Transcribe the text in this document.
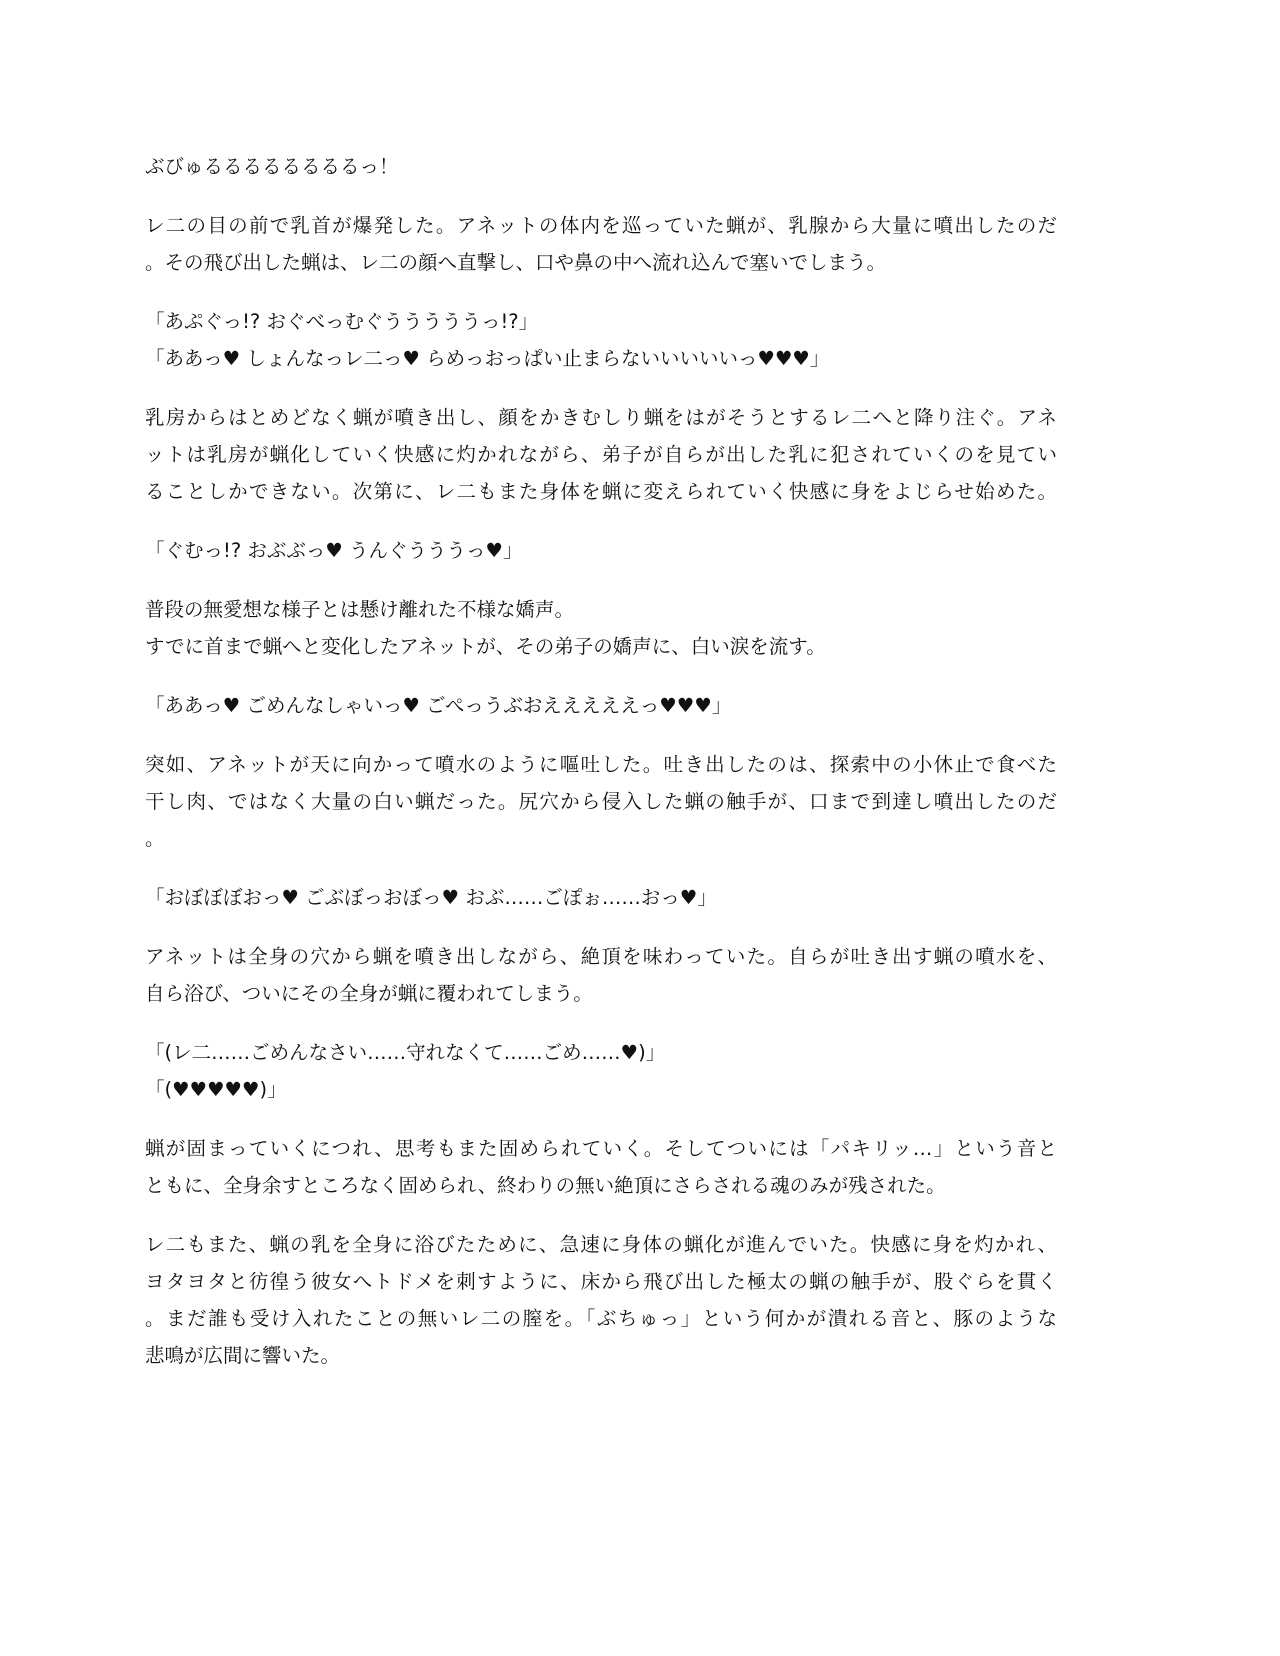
ぶびゅるるるるるるるるっ！
レ二の目の前で乳首が爆発した。アネットの体内を巡っていた蝋が、乳腺から大量に噴出したのだ
。その飛び出した蝋は、レ二の顔へ直撃し、口や鼻の中へ流れ込んで塞いでしまう。
「あぷぐっ!? おぐべっむぐうううううっ!?」
「ああっ♥ しょんなっレ二っ♥ らめっおっぱい止まらないいいいいっ♥♥♥」
乳房からはとめどなく蝋が噴き出し、顔をかきむしり蝋をはがそうとするレ二へと降り注ぐ。アネ
ットは乳房が蝋化していく快感に灼かれながら、弟子が自らが出した乳に犯されていくのを見てい
ることしかできない。次第に、レ二もまた身体を蝋に変えられていく快感に身をよじらせ始めた。
「ぐむっ!? おぶぶっ♥ うんぐうううっ♥」
普段の無愛想な様子とは懸け離れた不様な嬌声。
すでに首まで蝋へと変化したアネットが、その弟子の嬌声に、白い涙を流す。
「ああっ♥ ごめんなしゃいっ♥ ごぺっうぶおえええええっ♥♥♥」
突如、アネットが天に向かって噴水のように嘔吐した。吐き出したのは、探索中の小休止で食べた
干し肉、ではなく大量の白い蝋だった。尻穴から侵入した蝋の触手が、口まで到達し噴出したのだ
。
「おぼぼぼおっ♥ ごぶぼっおぼっ♥ おぶ……ごぽぉ……おっ♥」
アネットは全身の穴から蝋を噴き出しながら、絶頂を味わっていた。自らが吐き出す蝋の噴水を、
自ら浴び、ついにその全身が蝋に覆われてしまう。
「(レ二……ごめんなさい……守れなくて……ごめ……♥)」
「(♥♥♥♥♥)」
蝋が固まっていくにつれ、思考もまた固められていく。そしてついには「パキリッ…」という音と
ともに、全身余すところなく固められ、終わりの無い絶頂にさらされる魂のみが残された。
レ二もまた、蝋の乳を全身に浴びたために、急速に身体の蝋化が進んでいた。快感に身を灼かれ、
ヨタヨタと彷徨う彼女へトドメを刺すように、床から飛び出した極太の蝋の触手が、股ぐらを貫く
。まだ誰も受け入れたことの無いレ二の膣を。「ぶちゅっ」という何かが潰れる音と、豚のような
悲鳴が広間に響いた。
